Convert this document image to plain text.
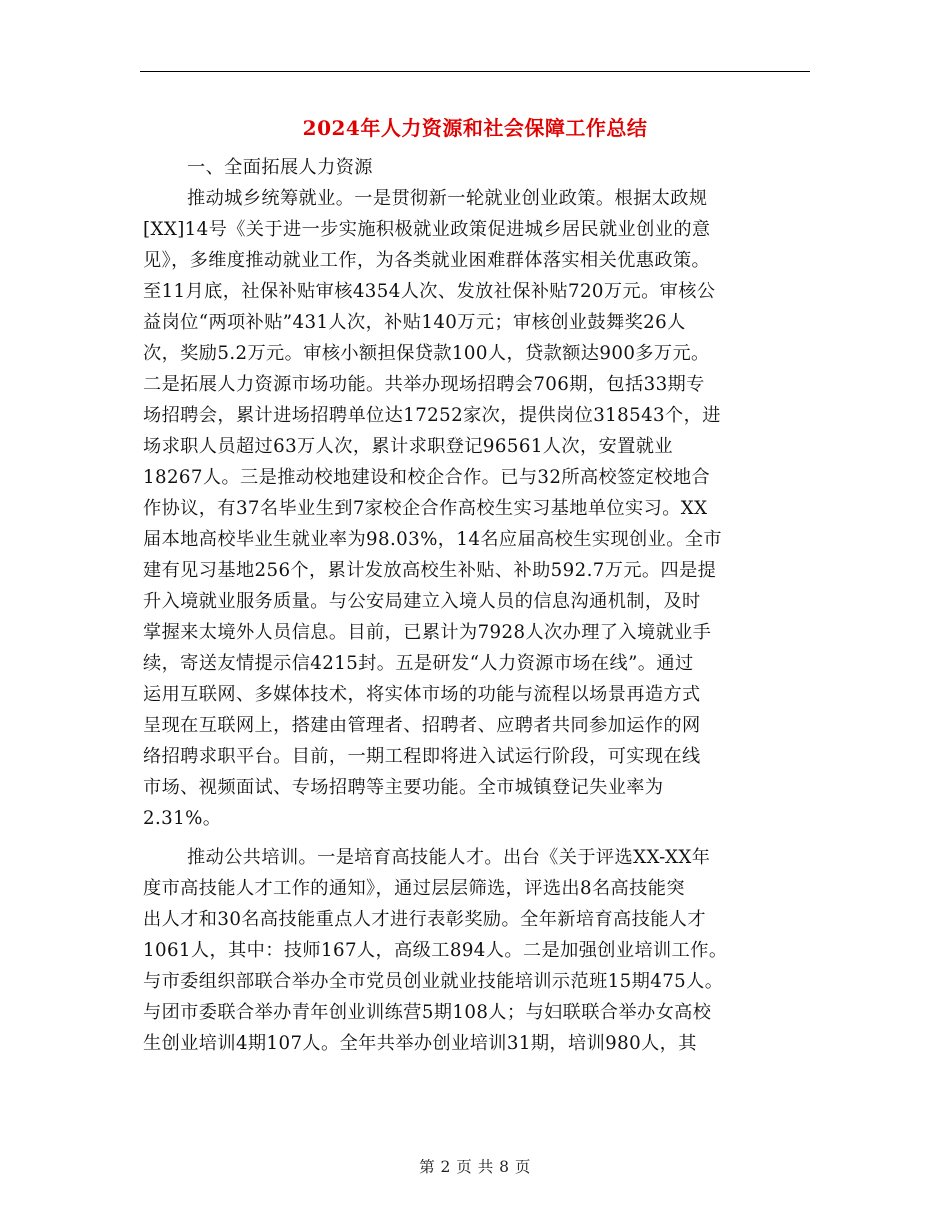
2024年人力资源和社会保障工作总结
一、全面拓展人力资源
推动城乡统筹就业。一是贯彻新一轮就业创业政策。根据太政规
[XX]14号《关于进一步实施积极就业政策促进城乡居民就业创业的意
见》，多维度推动就业工作，为各类就业困难群体落实相关优惠政策。
至11月底，社保补贴审核4354人次、发放社保补贴720万元。审核公
益岗位“两项补贴”431人次，补贴140万元；审核创业鼓舞奖26人
次，奖励5.2万元。审核小额担保贷款100人，贷款额达900多万元。
二是拓展人力资源市场功能。共举办现场招聘会706期，包括33期专
场招聘会，累计进场招聘单位达17252家次，提供岗位318543个，进
场求职人员超过63万人次，累计求职登记96561人次，安置就业
18267人。三是推动校地建设和校企合作。已与32所高校签定校地合
作协议，有37名毕业生到7家校企合作高校生实习基地单位实习。XX
届本地高校毕业生就业率为98.03%，14名应届高校生实现创业。全市
建有见习基地256个，累计发放高校生补贴、补助592.7万元。四是提
升入境就业服务质量。与公安局建立入境人员的信息沟通机制，及时
掌握来太境外人员信息。目前，已累计为7928人次办理了入境就业手
续，寄送友情提示信4215封。五是研发“人力资源市场在线”。通过
运用互联网、多媒体技术，将实体市场的功能与流程以场景再造方式
呈现在互联网上，搭建由管理者、招聘者、应聘者共同参加运作的网
络招聘求职平台。目前，一期工程即将进入试运行阶段，可实现在线
市场、视频面试、专场招聘等主要功能。全市城镇登记失业率为
2.31%。
推动公共培训。一是培育高技能人才。出台《关于评选XX-XX年
度市高技能人才工作的通知》，通过层层筛选，评选出8名高技能突
出人才和30名高技能重点人才进行表彰奖励。全年新培育高技能人才
1061人，其中：技师167人，高级工894人。二是加强创业培训工作。
与市委组织部联合举办全市党员创业就业技能培训示范班15期475人。
与团市委联合举办青年创业训练营5期108人；与妇联联合举办女高校
生创业培训4期107人。全年共举办创业培训31期，培训980人，其
第 2 页 共 8 页
